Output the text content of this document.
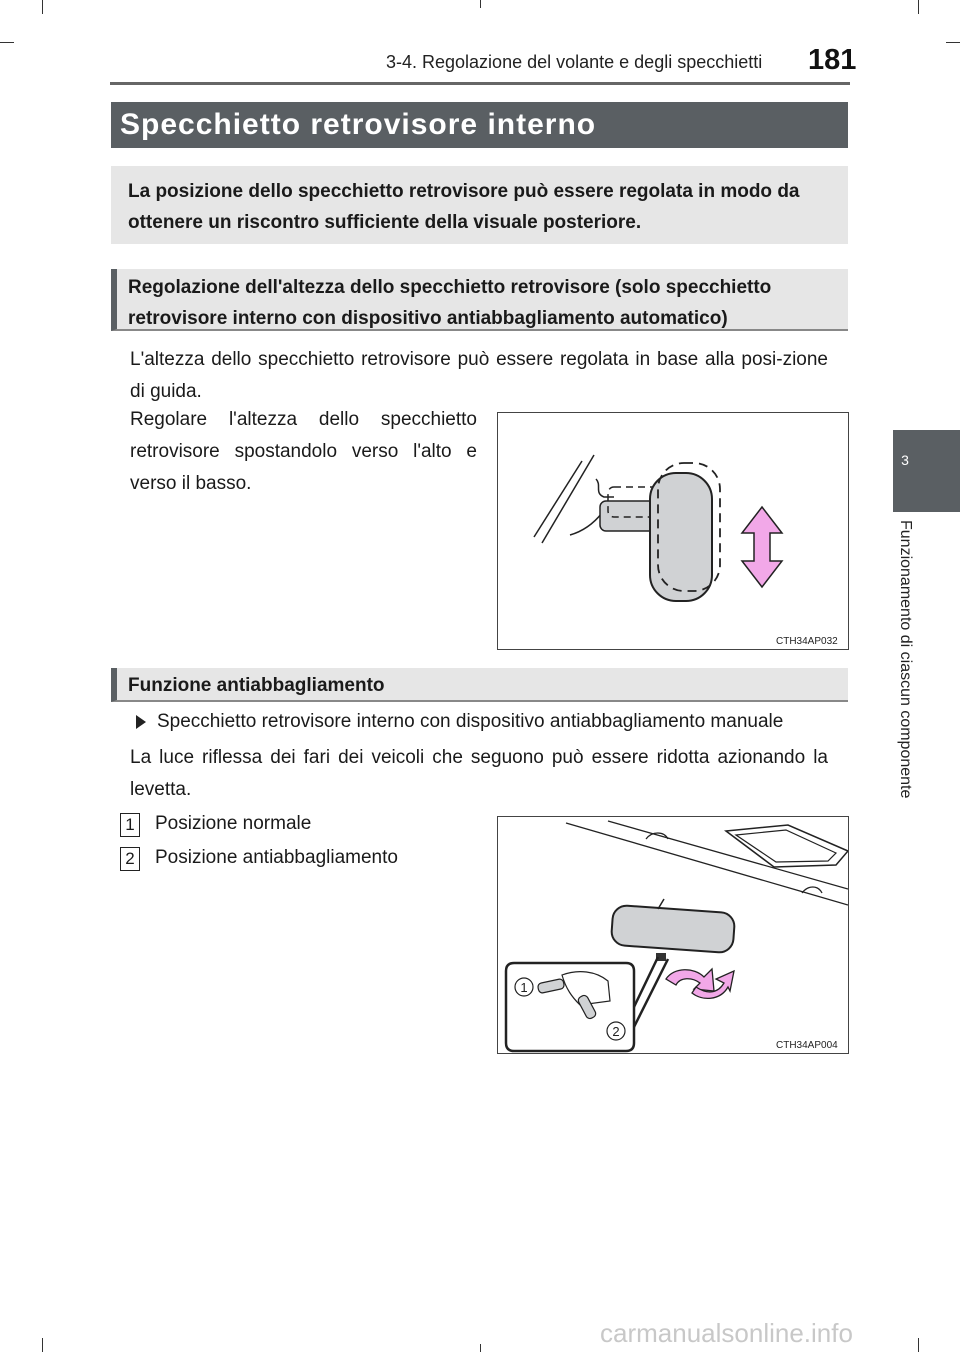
3-4. Regolazione del volante e degli specchietti 181
3
Funzionamento di ciascun componente
Specchietto retrovisore interno
La posizione dello specchietto retrovisore può essere regolata in modo da ottenere un riscontro sufficiente della visuale posteriore.
Regolazione dell'altezza dello specchietto retrovisore (solo specchietto retrovisore interno con dispositivo antiabbagliamento automatico)
L'altezza dello specchietto retrovisore può essere regolata in base alla posi-zione di guida.
Regolare l'altezza dello specchietto retrovisore spostandolo verso l'alto e verso il basso.
CTH34AP032
Funzione antiabbagliamento
Specchietto retrovisore interno con dispositivo antiabbagliamento manuale
La luce riflessa dei fari dei veicoli che seguono può essere ridotta azionando la levetta.
1 Posizione normale
2 Posizione antiabbagliamento
1
2
CTH34AP004
carmanualsonline.info
